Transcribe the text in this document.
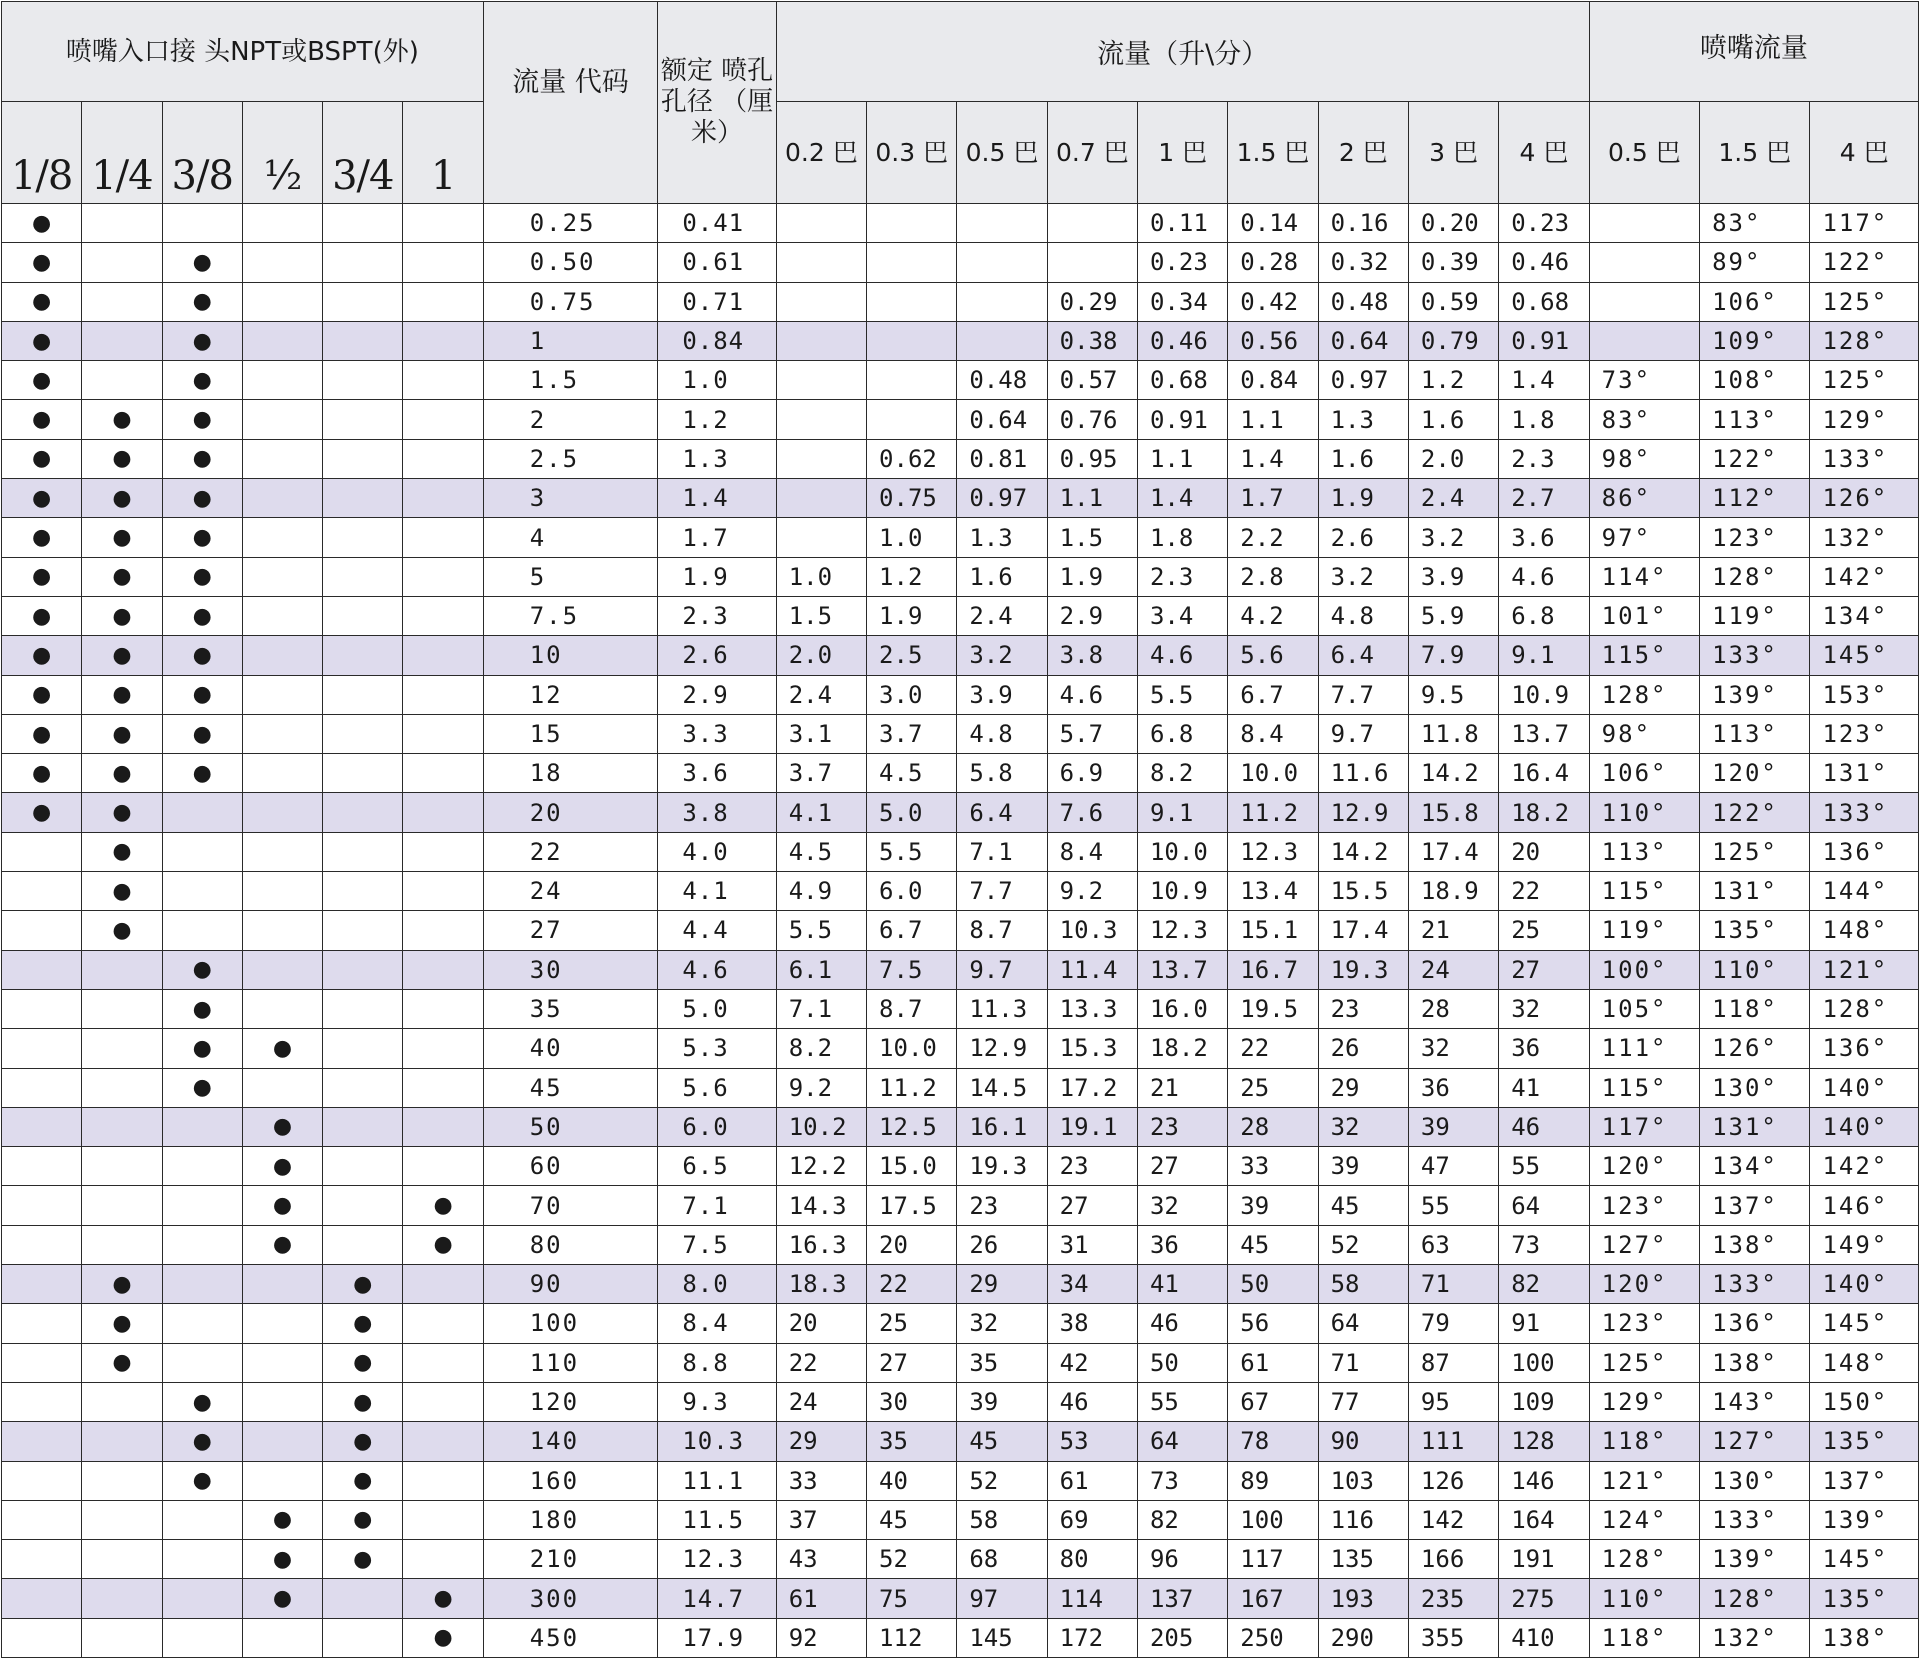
喷嘴入口接 头NPT或BSPT(外)						流量 代码	额定 喷孔 孔径 （厘米）	流量（升\分）									喷嘴流量		
1/8	1/4	3/8	½	3/4	1			0.2 巴	0.3 巴	0.5 巴	0.7 巴	1 巴	1.5 巴	2 巴	3 巴	4 巴	0.5 巴	1.5 巴	4 巴
●						0.25	0.41					0.11	0.14	0.16	0.20	0.23		83°	117°
●		●				0.50	0.61					0.23	0.28	0.32	0.39	0.46		89°	122°
●		●				0.75	0.71				0.29	0.34	0.42	0.48	0.59	0.68		106°	125°
●		●				1	0.84				0.38	0.46	0.56	0.64	0.79	0.91		109°	128°
●		●				1.5	1.0			0.48	0.57	0.68	0.84	0.97	1.2	1.4	73°	108°	125°
●	●	●				2	1.2			0.64	0.76	0.91	1.1	1.3	1.6	1.8	83°	113°	129°
●	●	●				2.5	1.3		0.62	0.81	0.95	1.1	1.4	1.6	2.0	2.3	98°	122°	133°
●	●	●				3	1.4		0.75	0.97	1.1	1.4	1.7	1.9	2.4	2.7	86°	112°	126°
●	●	●				4	1.7		1.0	1.3	1.5	1.8	2.2	2.6	3.2	3.6	97°	123°	132°
●	●	●				5	1.9	1.0	1.2	1.6	1.9	2.3	2.8	3.2	3.9	4.6	114°	128°	142°
●	●	●				7.5	2.3	1.5	1.9	2.4	2.9	3.4	4.2	4.8	5.9	6.8	101°	119°	134°
●	●	●				10	2.6	2.0	2.5	3.2	3.8	4.6	5.6	6.4	7.9	9.1	115°	133°	145°
●	●	●				12	2.9	2.4	3.0	3.9	4.6	5.5	6.7	7.7	9.5	10.9	128°	139°	153°
●	●	●				15	3.3	3.1	3.7	4.8	5.7	6.8	8.4	9.7	11.8	13.7	98°	113°	123°
●	●	●				18	3.6	3.7	4.5	5.8	6.9	8.2	10.0	11.6	14.2	16.4	106°	120°	131°
●	●					20	3.8	4.1	5.0	6.4	7.6	9.1	11.2	12.9	15.8	18.2	110°	122°	133°
	●					22	4.0	4.5	5.5	7.1	8.4	10.0	12.3	14.2	17.4	20	113°	125°	136°
	●					24	4.1	4.9	6.0	7.7	9.2	10.9	13.4	15.5	18.9	22	115°	131°	144°
	●					27	4.4	5.5	6.7	8.7	10.3	12.3	15.1	17.4	21	25	119°	135°	148°
		●				30	4.6	6.1	7.5	9.7	11.4	13.7	16.7	19.3	24	27	100°	110°	121°
		●				35	5.0	7.1	8.7	11.3	13.3	16.0	19.5	23	28	32	105°	118°	128°
		●	●			40	5.3	8.2	10.0	12.9	15.3	18.2	22	26	32	36	111°	126°	136°
		●				45	5.6	9.2	11.2	14.5	17.2	21	25	29	36	41	115°	130°	140°
			●			50	6.0	10.2	12.5	16.1	19.1	23	28	32	39	46	117°	131°	140°
			●			60	6.5	12.2	15.0	19.3	23	27	33	39	47	55	120°	134°	142°
			●		●	70	7.1	14.3	17.5	23	27	32	39	45	55	64	123°	137°	146°
			●		●	80	7.5	16.3	20	26	31	36	45	52	63	73	127°	138°	149°
	●			●		90	8.0	18.3	22	29	34	41	50	58	71	82	120°	133°	140°
	●			●		100	8.4	20	25	32	38	46	56	64	79	91	123°	136°	145°
	●			●		110	8.8	22	27	35	42	50	61	71	87	100	125°	138°	148°
		●		●		120	9.3	24	30	39	46	55	67	77	95	109	129°	143°	150°
		●		●		140	10.3	29	35	45	53	64	78	90	111	128	118°	127°	135°
		●		●		160	11.1	33	40	52	61	73	89	103	126	146	121°	130°	137°
			●	●		180	11.5	37	45	58	69	82	100	116	142	164	124°	133°	139°
			●	●		210	12.3	43	52	68	80	96	117	135	166	191	128°	139°	145°
			●		●	300	14.7	61	75	97	114	137	167	193	235	275	110°	128°	135°
					●	450	17.9	92	112	145	172	205	250	290	355	410	118°	132°	138°
